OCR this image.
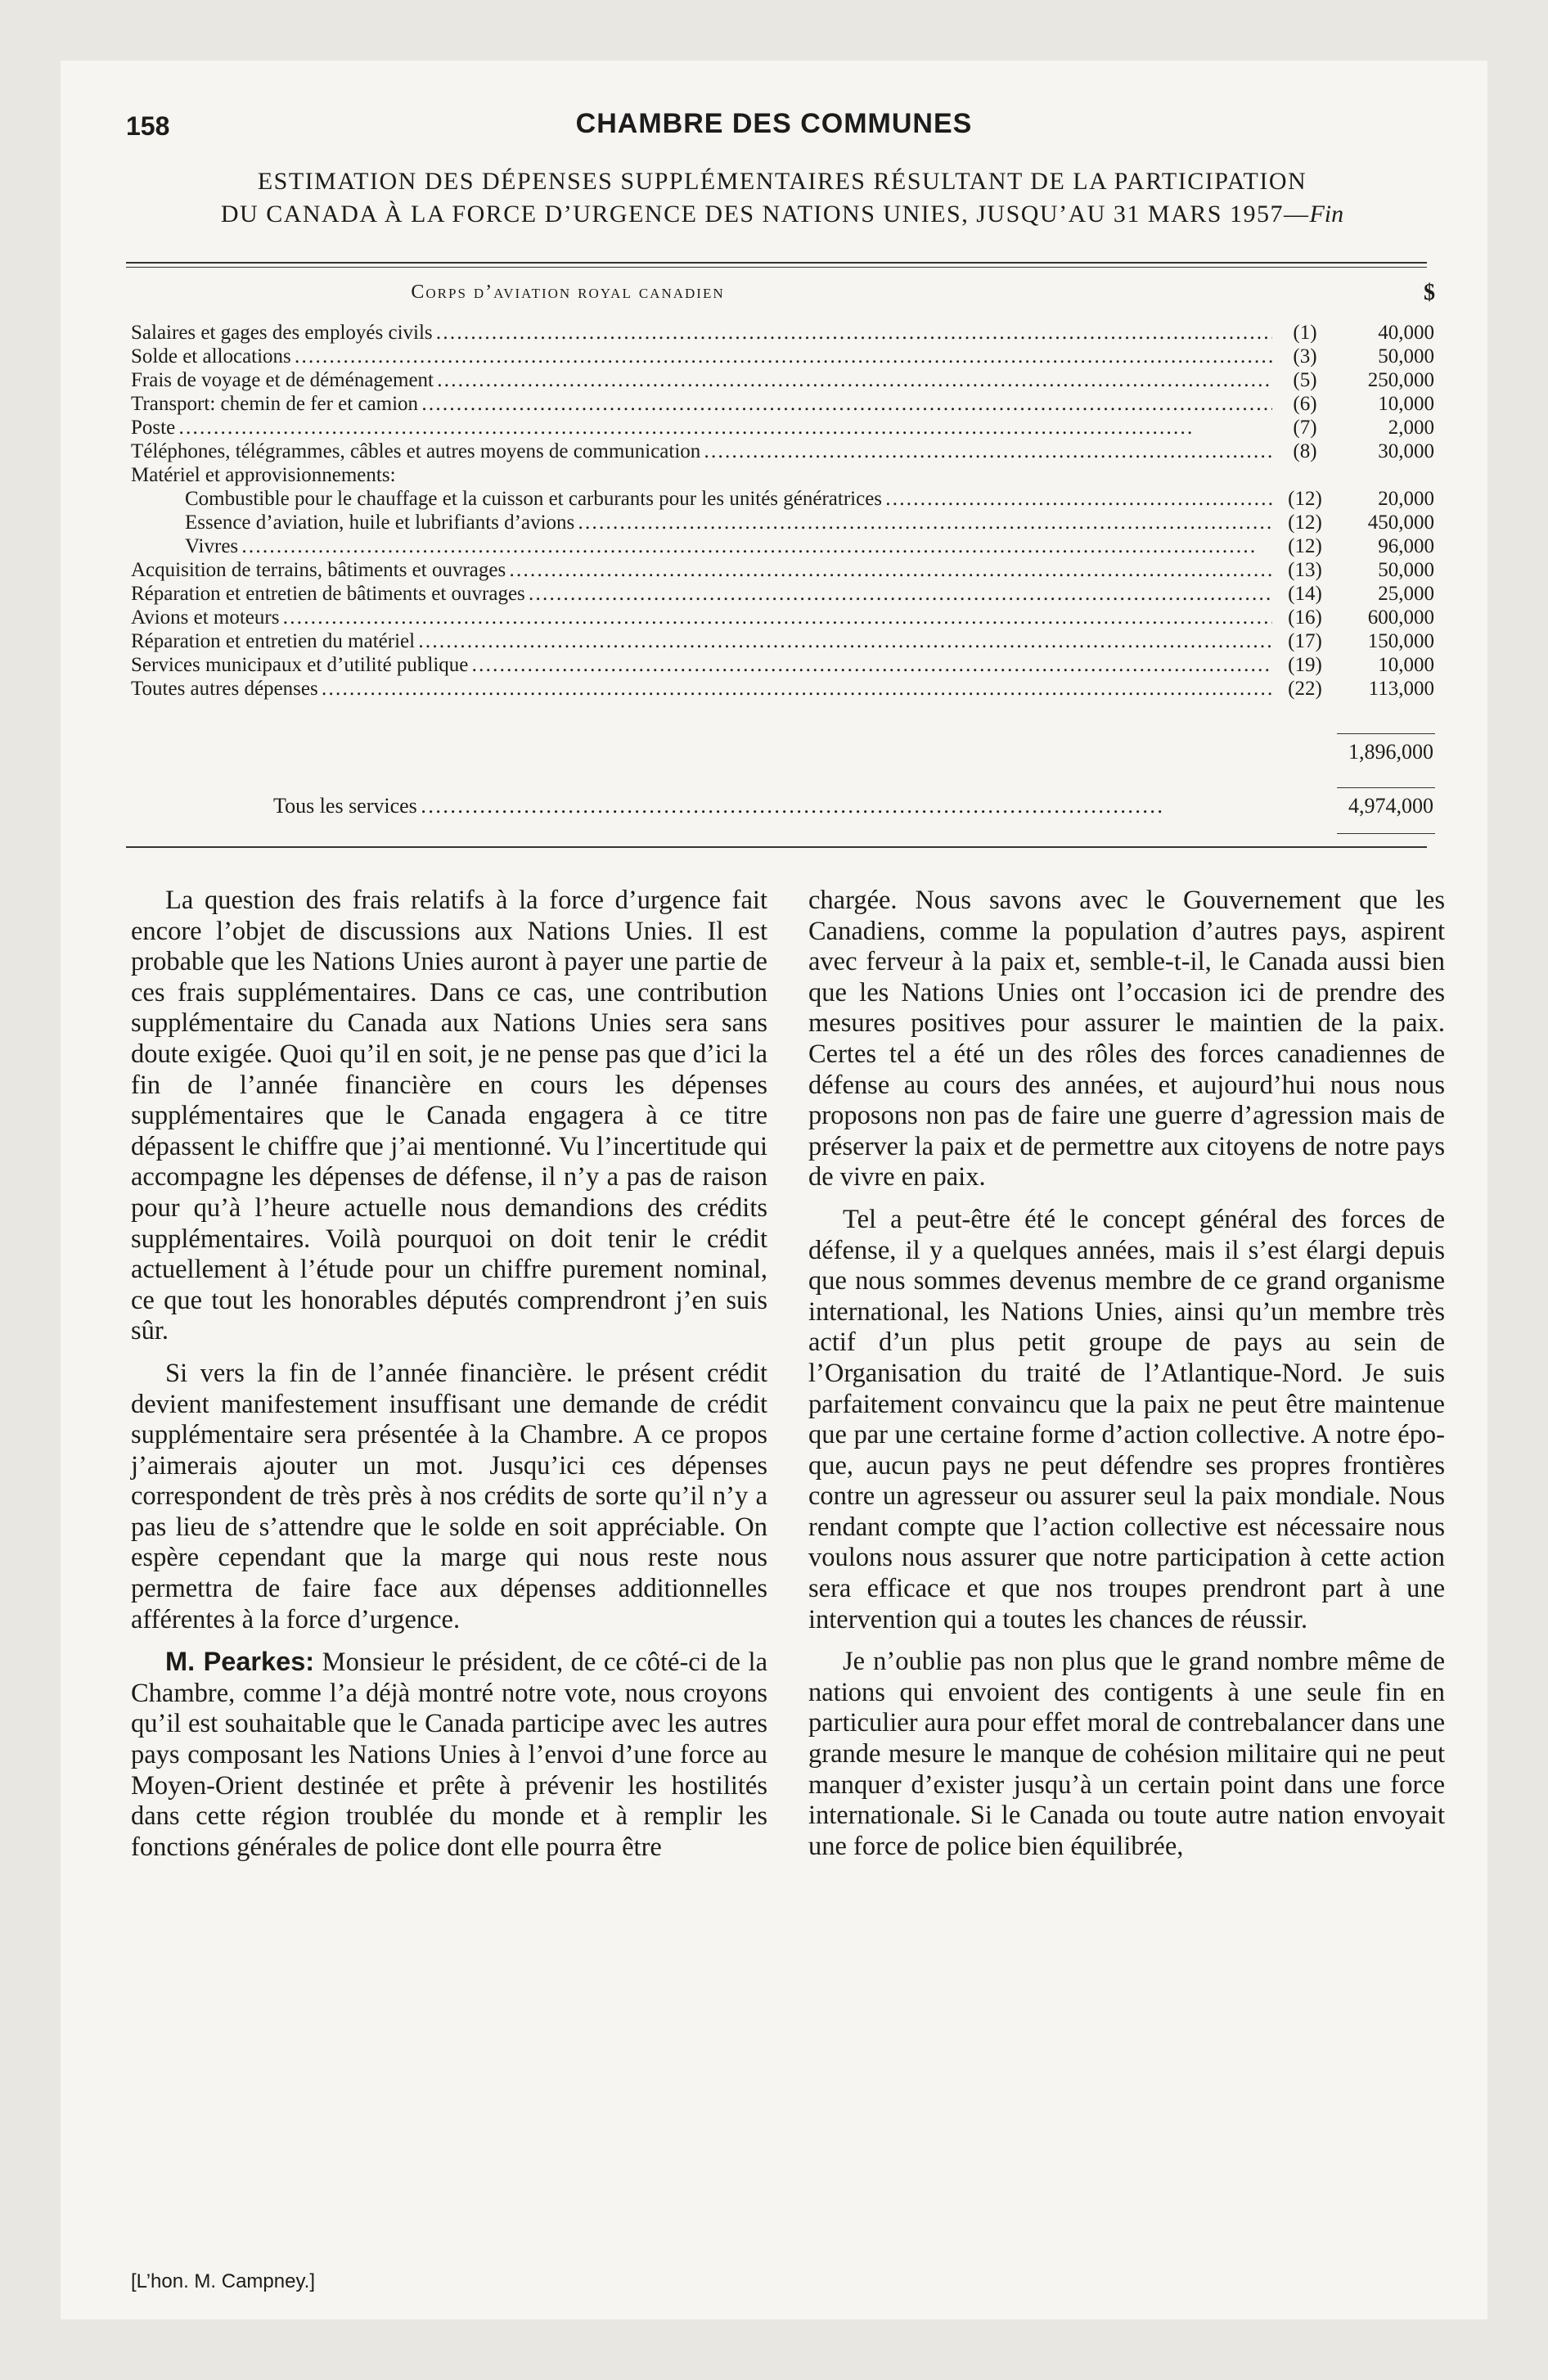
158	CHAMBRE DES COMMUNES
ESTIMATION DES DÉPENSES SUPPLÉMENTAIRES RÉSULTANT DE LA PARTICIPATION
DU CANADA À LA FORCE D’URGENCE DES NATIONS UNIES, JUSQU’AU 31 MARS 1957—Fin
Corps d’aviation royal canadien	$
Salaires et gages des employés civils . . .	(1)	40,000
Solde et allocations . . .	(3)	50,000
Frais de voyage et de déménagement . . .	(5)	250,000
Transport: chemin de fer et camion . . .	(6)	10,000
Poste . . .	(7)	2,000
Téléphones, télégrammes, câbles et autres moyens de communication . . .	(8)	30,000
Matériel et approvisionnements:
Combustible pour le chauffage et la cuisson et carburants pour les unités génératrices . . .	(12)	20,000
Essence d’aviation, huile et lubrifiants d’avions . . .	(12)	450,000
Vivres . . .	(12)	96,000
Acquisition de terrains, bâtiments et ouvrages . . .	(13)	50,000
Réparation et entretien de bâtiments et ouvrages . . .	(14)	25,000
Avions et moteurs . . .	(16)	600,000
Réparation et entretien du matériel . . .	(17)	150,000
Services municipaux et d’utilité publique . . .	(19)	10,000
Toutes autres dépenses . . .	(22)	113,000
1,896,000
Tous les services . . .	4,974,000

La question des frais relatifs à la force d’urgence fait encore l’objet de discussions aux Nations Unies. Il est probable que les Nations Unies auront à payer une partie de ces frais supplémentaires. Dans ce cas, une contribution supplémentaire du Canada aux Nations Unies sera sans doute exigée. Quoi qu’il en soit, je ne pense pas que d’ici la fin de l’année financière en cours les dépenses supplémentaires que le Canada engagera à ce titre dépassent le chiffre que j’ai mentionné. Vu l’incertitude qui accompagne les dépenses de défense, il n’y a pas de raison pour qu’à l’heure actuelle nous demandions des crédits supplémentaires. Voilà pourquoi on doit tenir le crédit actuellement à l’étude pour un chiffre purement nominal, ce que tout les honorables députés comprendront j’en suis sûr.

Si vers la fin de l’année financière. le présent crédit devient manifestement insuffisant une demande de crédit supplémentaire sera présentée à la Chambre. A ce propos j’aimerais ajouter un mot. Jusqu’ici ces dépenses correspondent de très près à nos crédits de sorte qu’il n’y a pas lieu de s’attendre que le solde en soit appréciable. On espère cependant que la marge qui nous reste nous permettra de faire face aux dépenses additionnelles afférentes à la force d’urgence.

M. Pearkes: Monsieur le président, de ce côté-ci de la Chambre, comme l’a déjà montré notre vote, nous croyons qu’il est souhaitable que le Canada participe avec les autres pays composant les Nations Unies à l’envoi d’une force au Moyen-Orient destinée et prête à prévenir les hostilités dans cette région troublée du monde et à remplir les fonctions générales de police dont elle pourra être

chargée. Nous savons avec le Gouvernement que les Canadiens, comme la population d’autres pays, aspirent avec ferveur à la paix et, semble-t-il, le Canada aussi bien que les Nations Unies ont l’occasion ici de prendre des mesures positives pour assurer le maintien de la paix. Certes tel a été un des rôles des forces canadiennes de défense au cours des années, et aujourd’hui nous nous proposons non pas de faire une guerre d’agression mais de préserver la paix et de permettre aux citoyens de notre pays de vivre en paix.

Tel a peut-être été le concept général des forces de défense, il y a quelques années, mais il s’est élargi depuis que nous sommes devenus membre de ce grand organisme international, les Nations Unies, ainsi qu’un membre très actif d’un plus petit groupe de pays au sein de l’Organisation du traité de l’Atlantique-Nord. Je suis parfaitement convaincu que la paix ne peut être maintenue que par une certaine forme d’action collective. A notre époque, aucun pays ne peut défendre ses propres frontières contre un agresseur ou assurer seul la paix mondiale. Nous rendant compte que l’action collective est nécessaire nous voulons nous assurer que notre participation à cette action sera efficace et que nos troupes prendront part à une intervention qui a toutes les chances de réussir.

Je n’oublie pas non plus que le grand nombre même de nations qui envoient des contigents à une seule fin en particulier aura pour effet moral de contrebalancer dans une grande mesure le manque de cohésion militaire qui ne peut manquer d’exister jusqu’à un certain point dans une force internationale. Si le Canada ou toute autre nation envoyait une force de police bien équilibrée,

[L’hon. M. Campney.]
